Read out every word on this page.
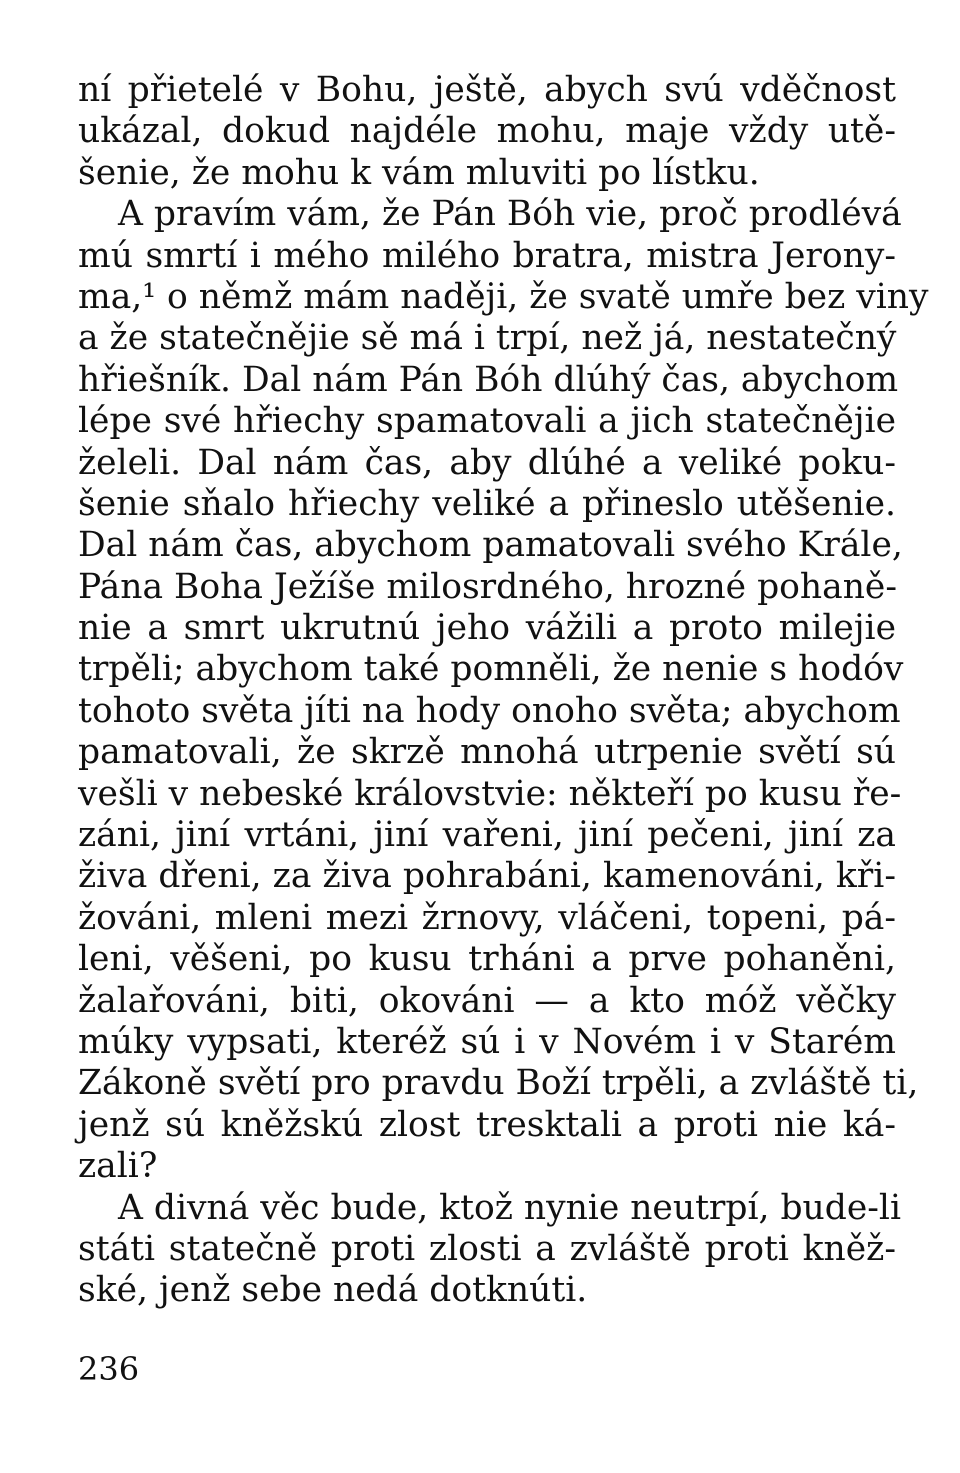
ní přietelé v Bohu, ještě, abych svú vděčnost
ukázal, dokud najdéle mohu, maje vždy utě-
šenie, že mohu k vám mluviti po lístku.
A pravím vám, že Pán Bóh vie, proč prodlévá
mú smrtí i mého milého bratra, mistra Jerony-
ma,¹ o němž mám naději, že svatě umře bez viny
a že statečnějie sě má i trpí, než já, nestatečný
hřiešník. Dal nám Pán Bóh dlúhý čas, abychom
lépe své hřiechy spamatovali a jich statečnějie
želeli. Dal nám čas, aby dlúhé a veliké poku-
šenie sňalo hřiechy veliké a přineslo utěšenie.
Dal nám čas, abychom pamatovali svého Krále,
Pána Boha Ježíše milosrdného, hrozné pohaně-
nie a smrt ukrutnú jeho vážili a proto milejie
trpěli; abychom také pomněli, že nenie s hodóv
tohoto světa jíti na hody onoho světa; abychom
pamatovali, že skrzě mnohá utrpenie světí sú
vešli v nebeské královstvie: někteří po kusu ře-
záni, jiní vrtáni, jiní vařeni, jiní pečeni, jiní za
živa dřeni, za živa pohrabáni, kamenováni, kři-
žováni, mleni mezi žrnovy, vláčeni, topeni, pá-
leni, věšeni, po kusu trháni a prve pohaněni,
žalařováni, biti, okováni — a kto móž věčky
múky vypsati, kteréž sú i v Novém i v Starém
Zákoně světí pro pravdu Boží trpěli, a zvláště ti,
jenž sú kněžskú zlost tresktali a proti nie ká-
zali?
A divná věc bude, ktož nynie neutrpí, bude-li
státi statečně proti zlosti a zvláště proti kněž-
ské, jenž sebe nedá dotknúti.
236
